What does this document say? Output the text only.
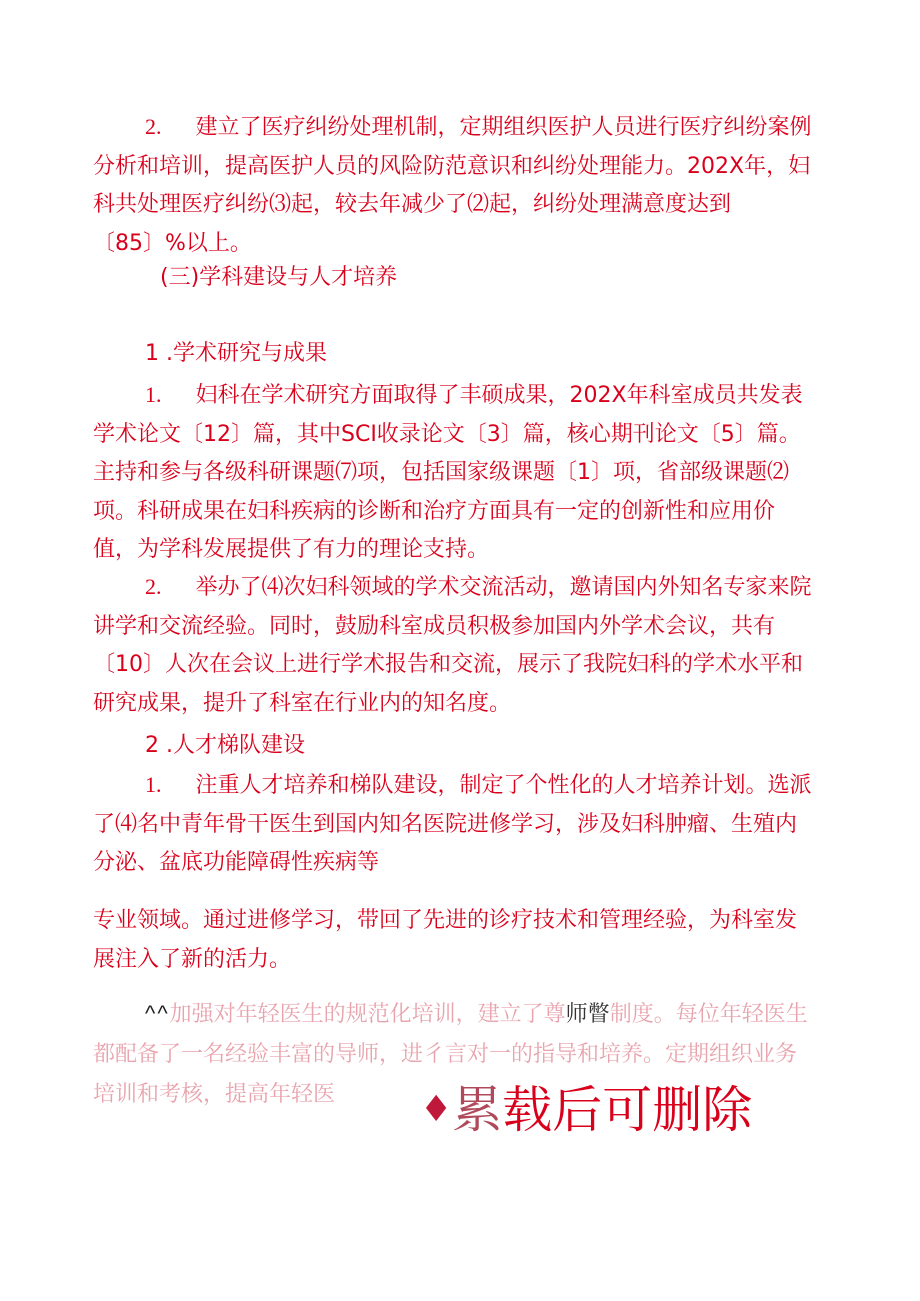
2. 建立了医疗纠纷处理机制，定期组织医护人员进行医疗纠纷案例分析和培训，提高医护人员的风险防范意识和纠纷处理能力。202X年，妇科共处理医疗纠纷⑶起，较去年减少了⑵起，纠纷处理满意度达到〔85〕%以上。

(三)学科建设与人才培养

1 .学术研究与成果

1. 妇科在学术研究方面取得了丰硕成果，202X年科室成员共发表学术论文〔12〕篇，其中SCI收录论文〔3〕篇，核心期刊论文〔5〕篇。主持和参与各级科研课题⑺项，包括国家级课题〔1〕项，省部级课题⑵项。科研成果在妇科疾病的诊断和治疗方面具有一定的创新性和应用价值，为学科发展提供了有力的理论支持。

2. 举办了⑷次妇科领域的学术交流活动，邀请国内外知名专家来院讲学和交流经验。同时，鼓励科室成员积极参加国内外学术会议，共有〔10〕人次在会议上进行学术报告和交流，展示了我院妇科的学术水平和研究成果，提升了科室在行业内的知名度。

2 .人才梯队建设

1. 注重人才培养和梯队建设，制定了个性化的人才培养计划。选派了⑷名中青年骨干医生到国内知名医院进修学习，涉及妇科肿瘤、生殖内分泌、盆底功能障碍性疾病等

专业领域。通过进修学习，带回了先进的诊疗技术和管理经验，为科室发展注入了新的活力。

^^加强对年轻医生的规范化培训，建立了尊师瞥制度。每位年轻医生都配备了一名经验丰富的导师，进彳言对一的指导和培养。定期组织业务培训和考核，提高年轻医	♦累载后可删除
